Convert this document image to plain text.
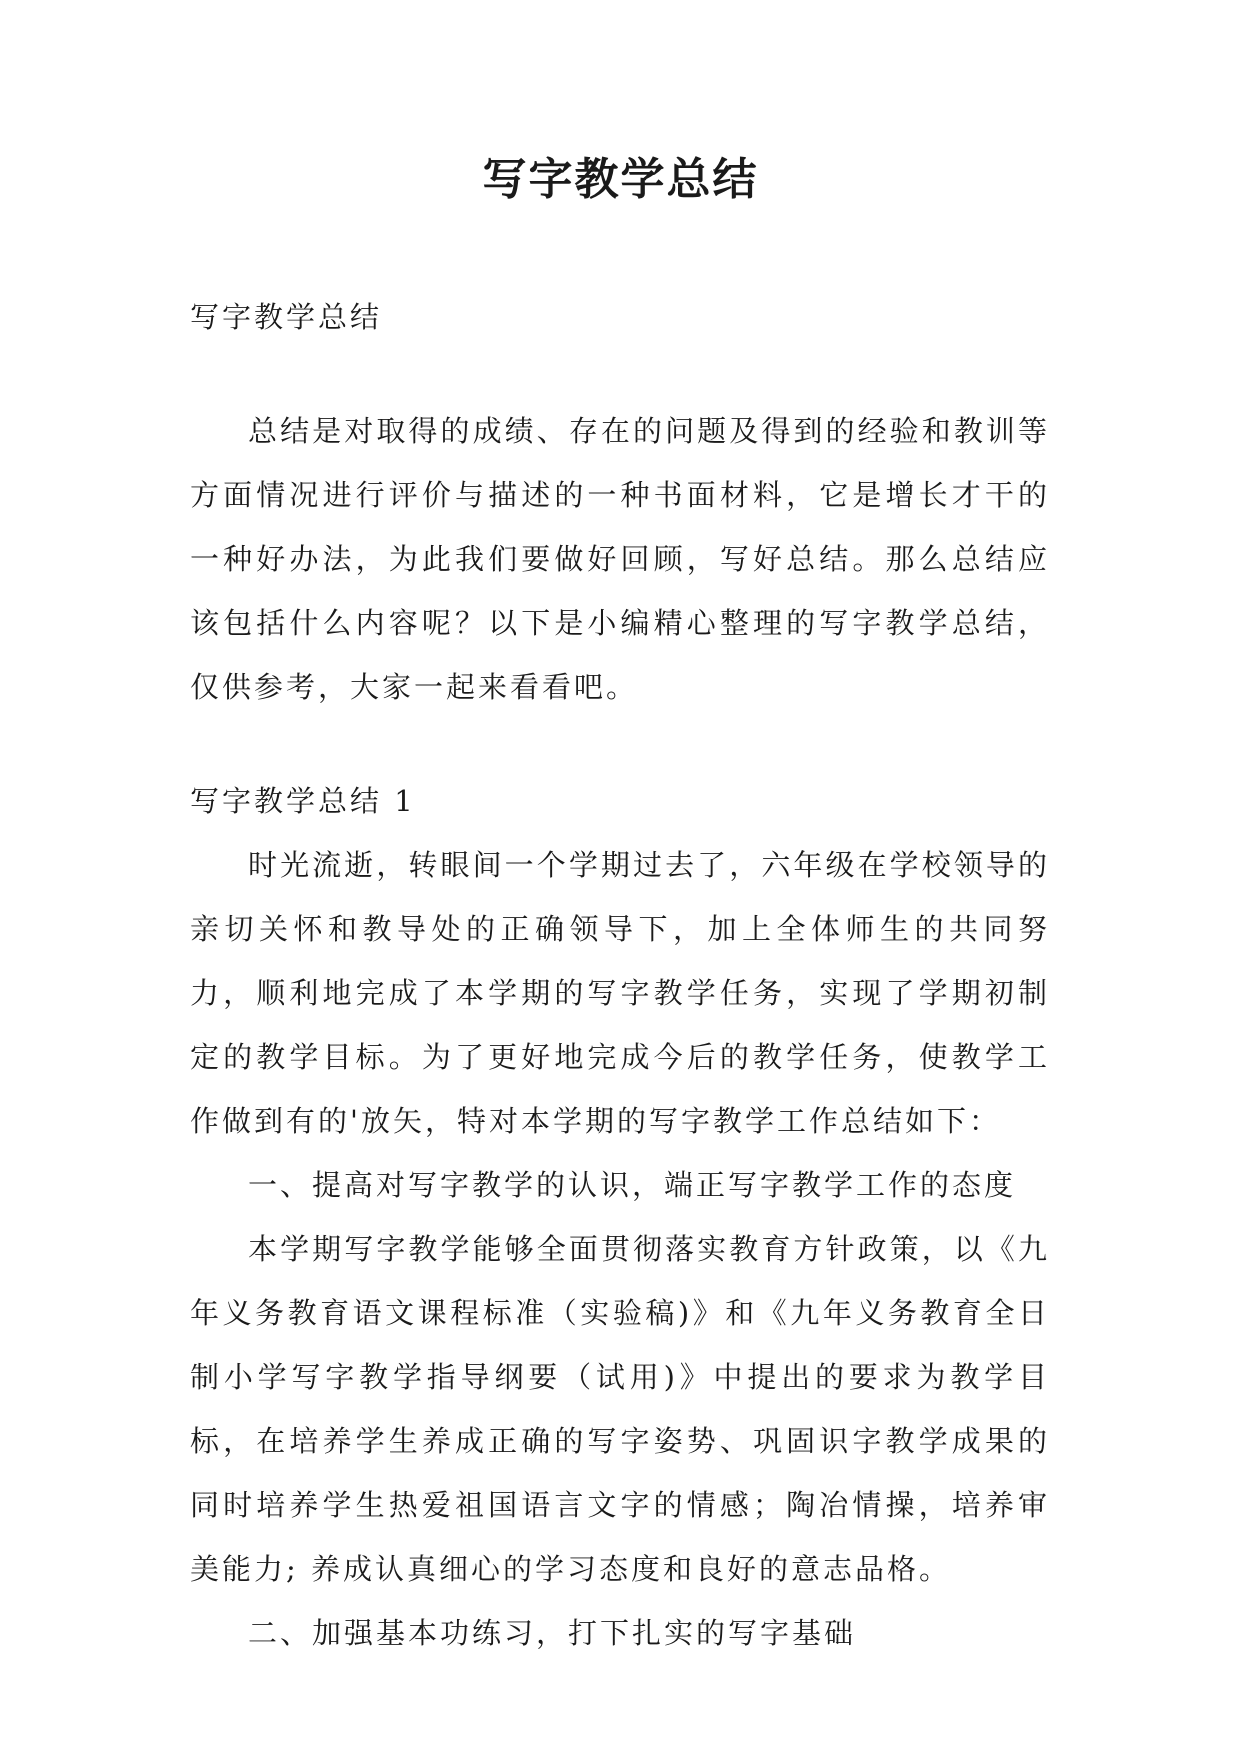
写字教学总结

写字教学总结

总结是对取得的成绩、存在的问题及得到的经验和教训等方面情况进行评价与描述的一种书面材料，它是增长才干的一种好办法，为此我们要做好回顾，写好总结。那么总结应该包括什么内容呢？以下是小编精心整理的写字教学总结，仅供参考，大家一起来看看吧。

写字教学总结 1

时光流逝，转眼间一个学期过去了，六年级在学校领导的亲切关怀和教导处的正确领导下，加上全体师生的共同努力，顺利地完成了本学期的写字教学任务，实现了学期初制定的教学目标。为了更好地完成今后的教学任务，使教学工作做到有的'放矢，特对本学期的写字教学工作总结如下：

一、提高对写字教学的认识，端正写字教学工作的态度

本学期写字教学能够全面贯彻落实教育方针政策，以《九年义务教育语文课程标准（实验稿)》和《九年义务教育全日制小学写字教学指导纲要（试用)》中提出的要求为教学目标，在培养学生养成正确的写字姿势、巩固识字教学成果的同时培养学生热爱祖国语言文字的情感；陶冶情操，培养审美能力; 养成认真细心的学习态度和良好的意志品格。

二、加强基本功练习，打下扎实的写字基础
